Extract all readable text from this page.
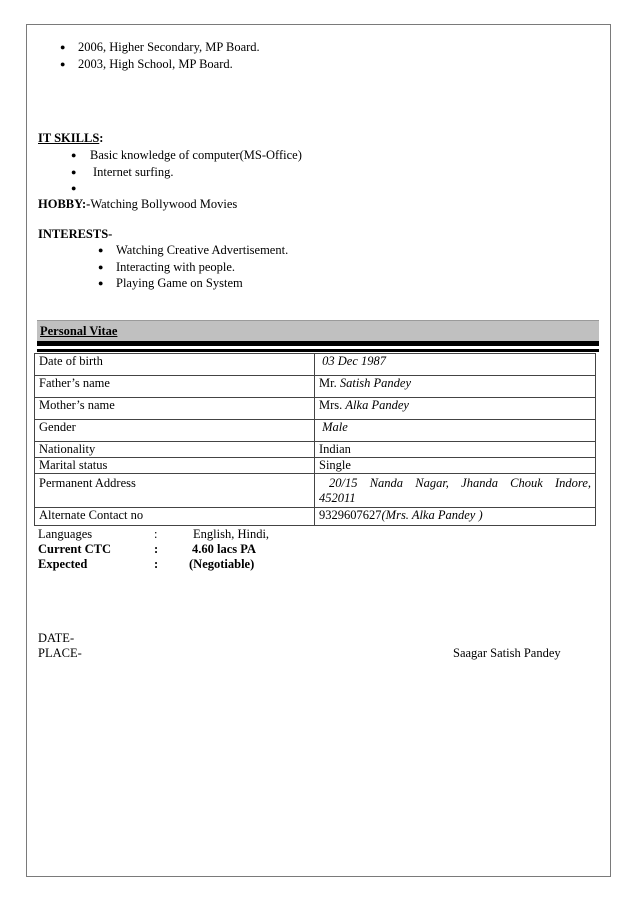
● 2006, Higher Secondary, MP Board.
● 2003, High School, MP Board.
IT SKILLS:
● Basic knowledge of computer(MS-Office)
● Internet surfing.
●
HOBBY:-Watching Bollywood Movies
INTERESTS-
● Watching Creative Advertisement.
● Interacting with people.
● Playing Game on System
Personal Vitae
Date of birth	03 Dec 1987
Father’s name	Mr. Satish Pandey
Mother’s name	Mrs. Alka Pandey
Gender	Male
Nationality	Indian
Marital status	Single
Permanent Address	20/15 Nanda Nagar, Jhanda Chouk Indore,
452011

Alternate Contact no	9329607627(Mrs. Alka Pandey )
Languages	:	English, Hindi,
Current CTC	:	4.60 lacs PA
Expected	: (Negotiable)
DATE-
PLACE-	Saagar Satish Pandey
